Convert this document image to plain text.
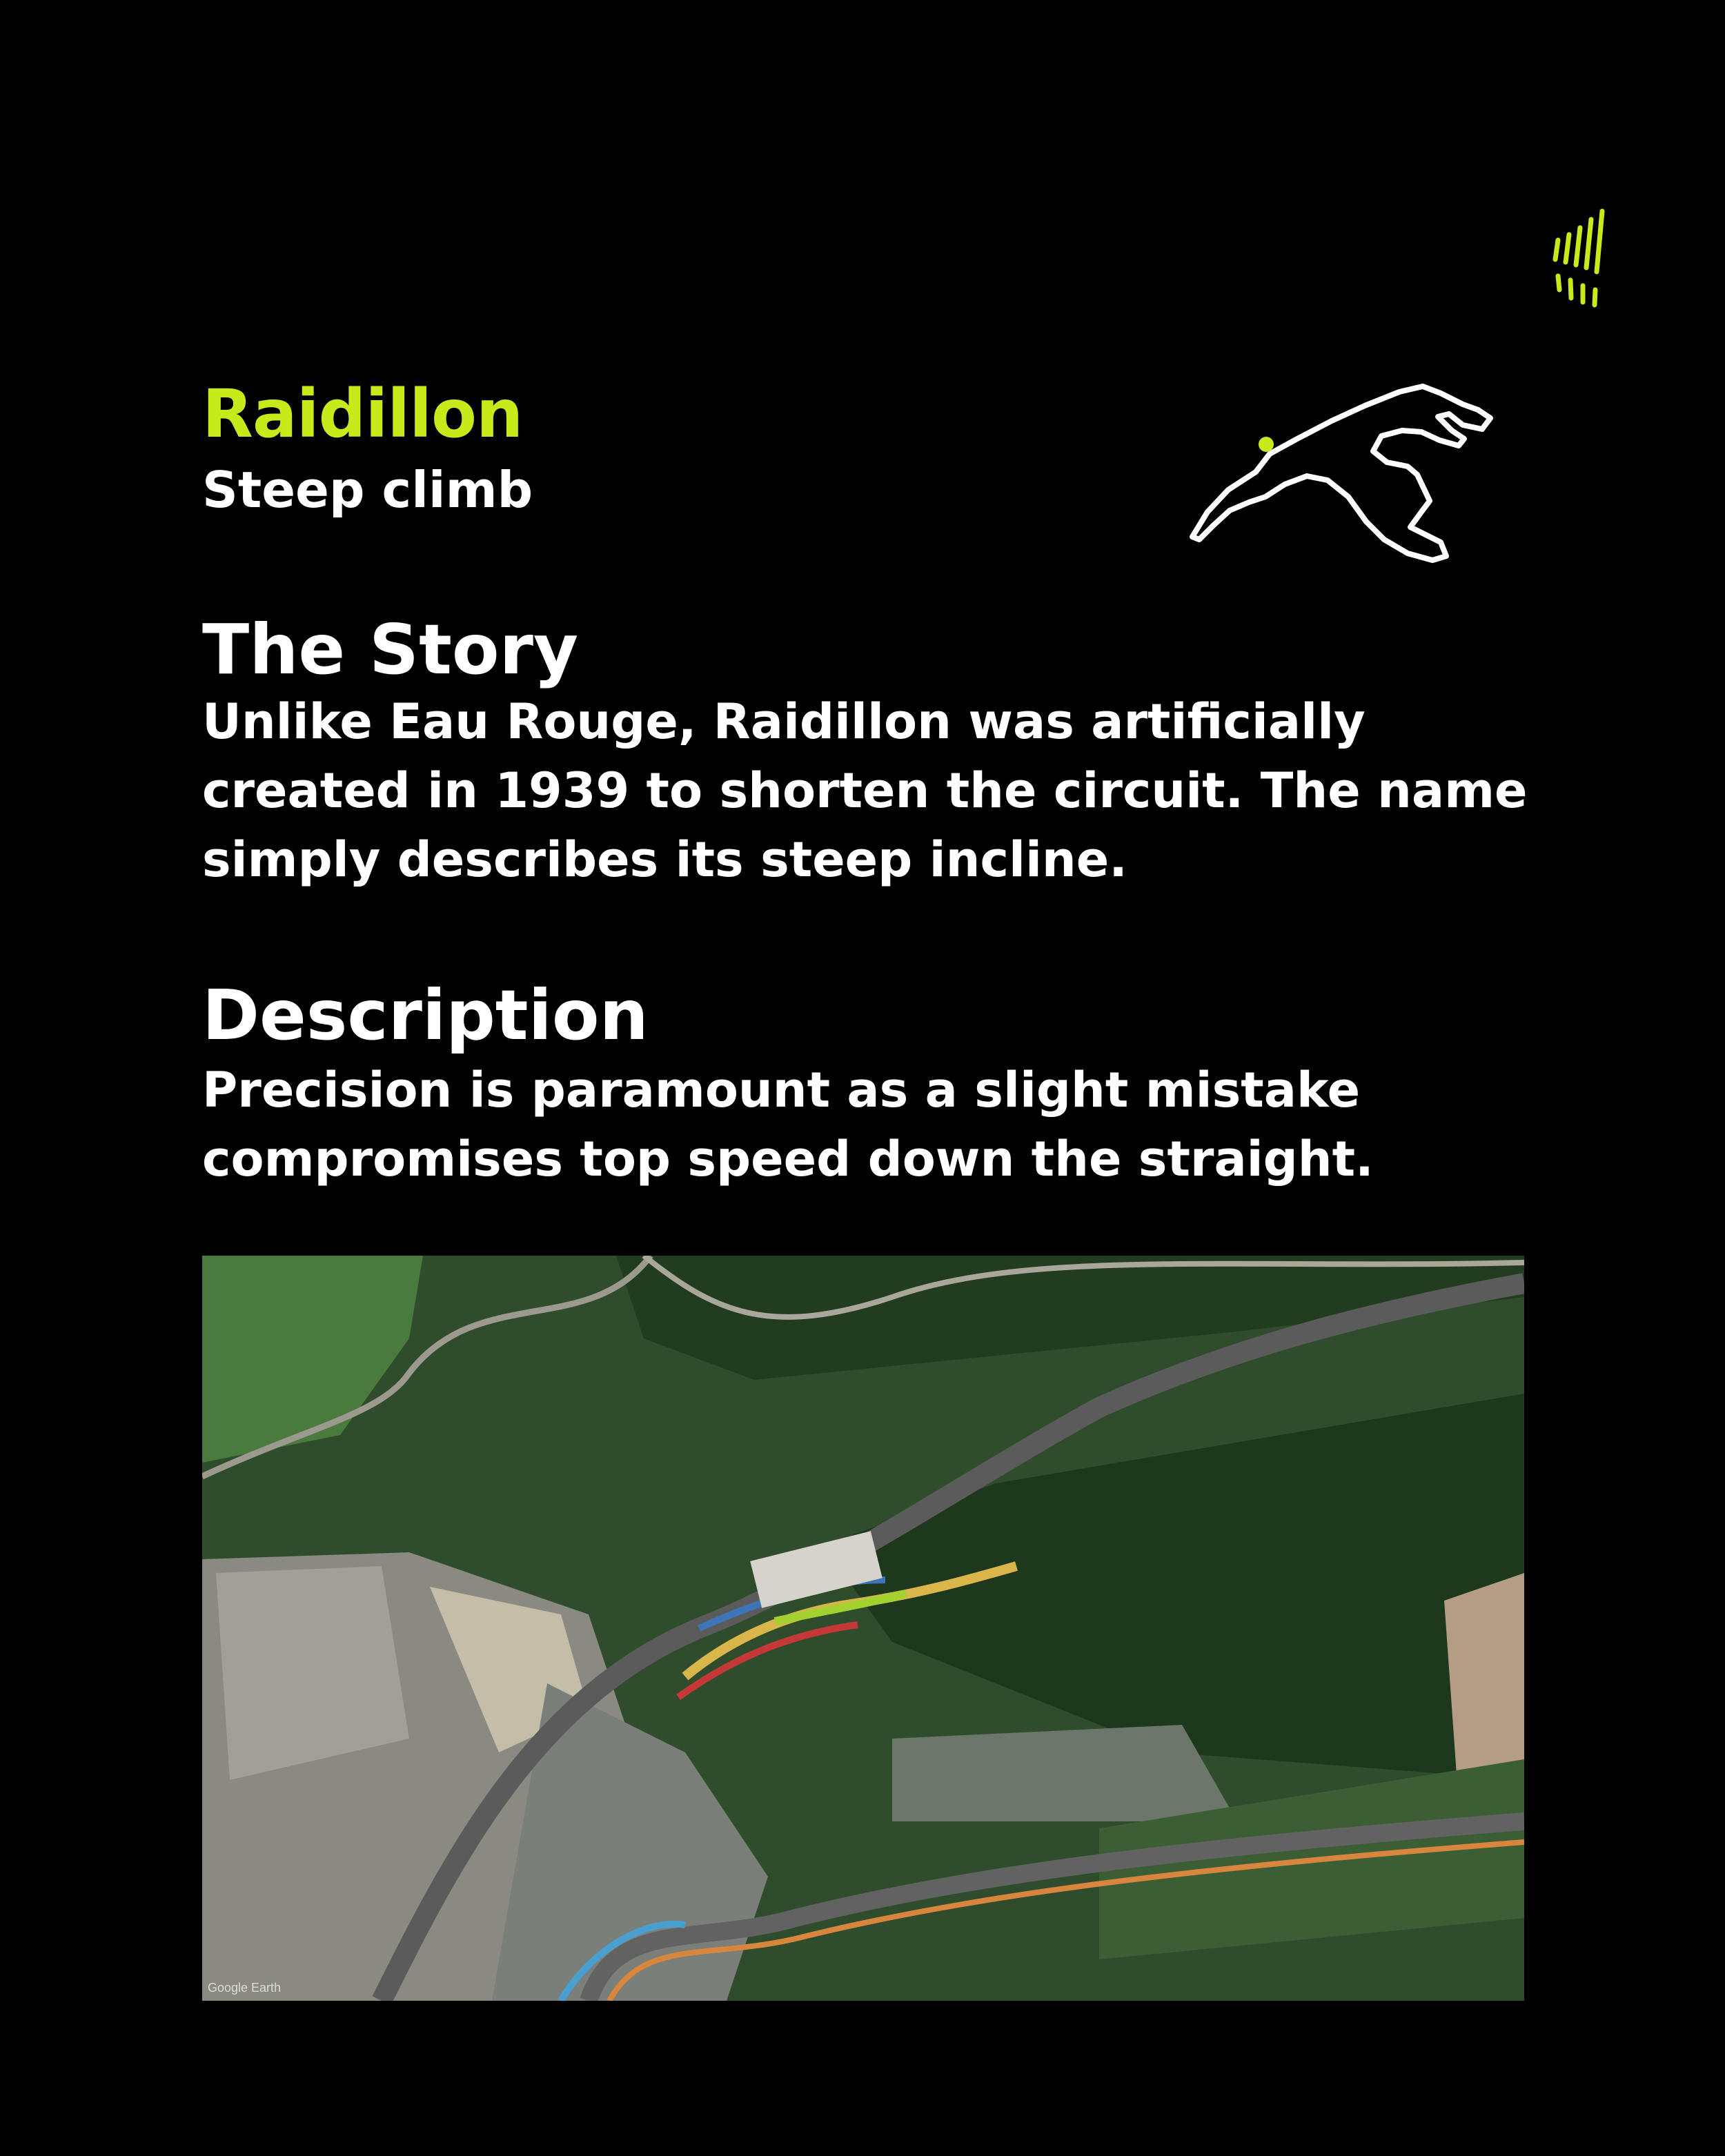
Raidillon
Steep climb
The Story
Unlike Eau Rouge, Raidillon was artificially created in 1939 to shorten the circuit. The name simply describes its steep incline.
Description
Precision is paramount as a slight mistake compromises top speed down the straight.
Google Earth
